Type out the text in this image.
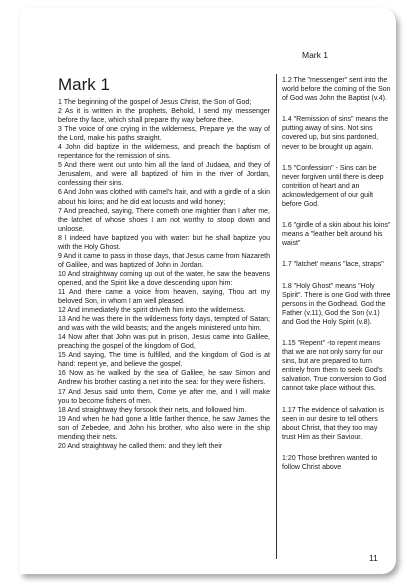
Mark 1
Mark 1

1 The beginning of the gospel of Jesus Christ, the Son of God;

2 As it is written in the prophets, Behold, I send my messenger before thy face, which shall prepare thy way before thee.

3 The voice of one crying in the wilderness, Prepare ye the way of the Lord, make his paths straight.

4 John did baptize in the wilderness, and preach the baptism of repentance for the remission of sins.

5 And there went out unto him all the land of Judaea, and they of Jerusalem, and were all baptized of him in the river of Jordan, confessing their sins.

6 And John was clothed with camel's hair, and with a girdle of a skin about his loins; and he did eat locusts and wild honey;

7 And preached, saying, There cometh one mightier than I after me, the latchet of whose shoes I am not worthy to stoop down and unloose.

8 I indeed have baptized you with water: but he shall baptize you with the Holy Ghost.

9 And it came to pass in those days, that Jesus came from Nazareth of Galilee, and was baptized of John in Jordan.

10 And straightway coming up out of the water, he saw the heavens opened, and the Spirit like a dove descending upon him:

11 And there came a voice from heaven, saying, Thou art my beloved Son, in whom I am well pleased.

12 And immediately the spirit driveth him into the wilderness.

13 And he was there in the wilderness forty days, tempted of Satan; and was with the wild beasts; and the angels ministered unto him.

14 Now after that John was put in prison, Jesus came into Galilee, preaching the gospel of the kingdom of God,

15 And saying, The time is fulfilled, and the kingdom of God is at hand: repent ye, and believe the gospel.

16 Now as he walked by the sea of Galilee, he saw Simon and Andrew his brother casting a net into the sea: for they were fishers.

17 And Jesus said unto them, Come ye after me, and I will make you to become fishers of men.

18 And straightway they forsook their nets, and followed him.

19 And when he had gone a little farther thence, he saw James the son of Zebedee, and John his brother, who also were in the ship mending their nets.

20 And straightway he called them: and they left their

1.2 The "messenger" sent into the world before the coming of the Son of God was John the Baptist (v.4).

1.4 "Remission of sins" means the putting away of sins. Not sins covered up, but sins pardoned, never to be brought up again.

1.5 "Confession" - Sins can be never forgiven until there is deep contrition of heart and an acknowledgement of our guilt before God.

1.6 "girdle of a skin about his loins" means a "leather belt around his waist"

1.7 "latchet' means "lace, straps"

1.8 "Holy Ghost" means "Holy Spirit". There is one God with three persons in the Godhead. God the Father (v.11), God the Son (v.1) and God the Holy Spirit (v.8).

1.15 "Repent" -to repent means that we are not only sorry for our sins, but are prepared to turn entirely from them to seek God's salvation. True conversion to God cannot take place without this.

1.17 The evidence of salvation is seen in our desire to tell others about Christ, that they too may trust Him as their Saviour.

1:20 Those brethren wanted to follow Christ above

11
